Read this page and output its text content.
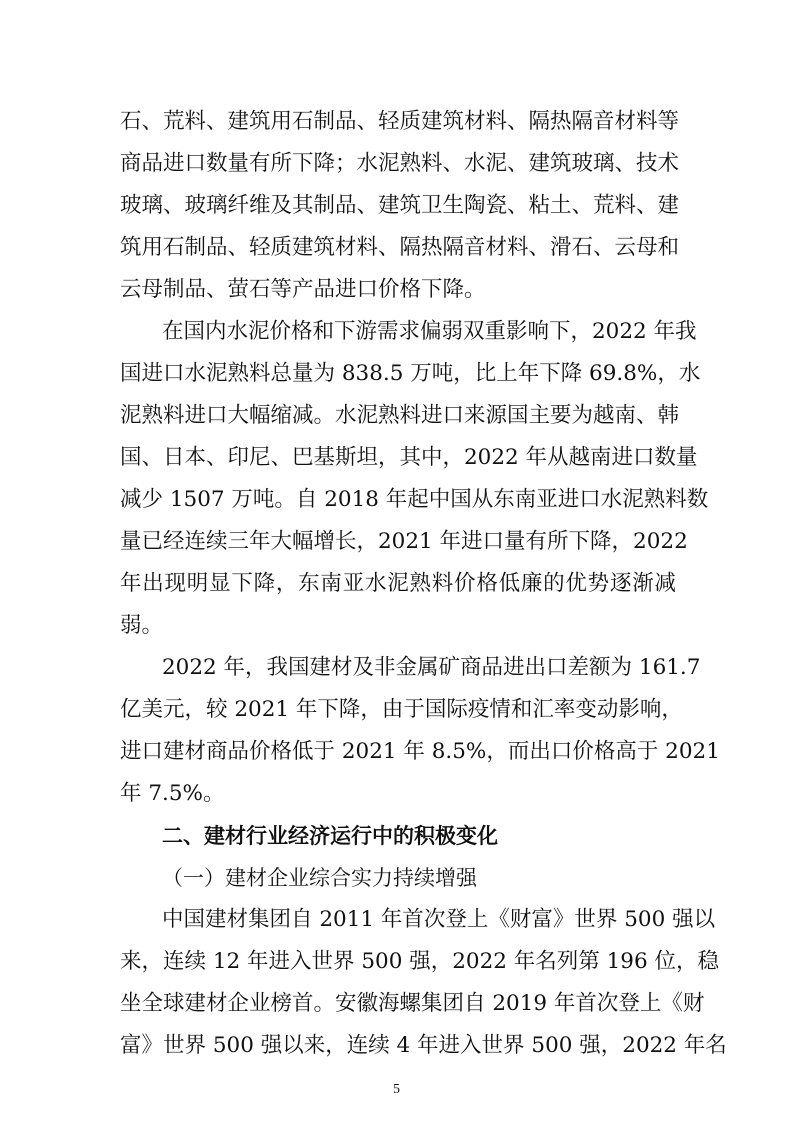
石、荒料、建筑用石制品、轻质建筑材料、隔热隔音材料等
商品进口数量有所下降；水泥熟料、水泥、建筑玻璃、技术
玻璃、玻璃纤维及其制品、建筑卫生陶瓷、粘土、荒料、建
筑用石制品、轻质建筑材料、隔热隔音材料、滑石、云母和
云母制品、萤石等产品进口价格下降。
在国内水泥价格和下游需求偏弱双重影响下，2022 年我
国进口水泥熟料总量为 838.5 万吨，比上年下降 69.8%，水
泥熟料进口大幅缩减。水泥熟料进口来源国主要为越南、韩
国、日本、印尼、巴基斯坦，其中，2022 年从越南进口数量
减少 1507 万吨。自 2018 年起中国从东南亚进口水泥熟料数
量已经连续三年大幅增长，2021 年进口量有所下降，2022
年出现明显下降，东南亚水泥熟料价格低廉的优势逐渐减
弱。
2022 年，我国建材及非金属矿商品进出口差额为 161.7
亿美元，较 2021 年下降，由于国际疫情和汇率变动影响，
进口建材商品价格低于 2021 年 8.5%，而出口价格高于 2021
年 7.5%。
二、建材行业经济运行中的积极变化
（一）建材企业综合实力持续增强
中国建材集团自 2011 年首次登上《财富》世界 500 强以
来，连续 12 年进入世界 500 强，2022 年名列第 196 位，稳
坐全球建材企业榜首。安徽海螺集团自 2019 年首次登上《财
富》世界 500 强以来，连续 4 年进入世界 500 强，2022 年名
5
